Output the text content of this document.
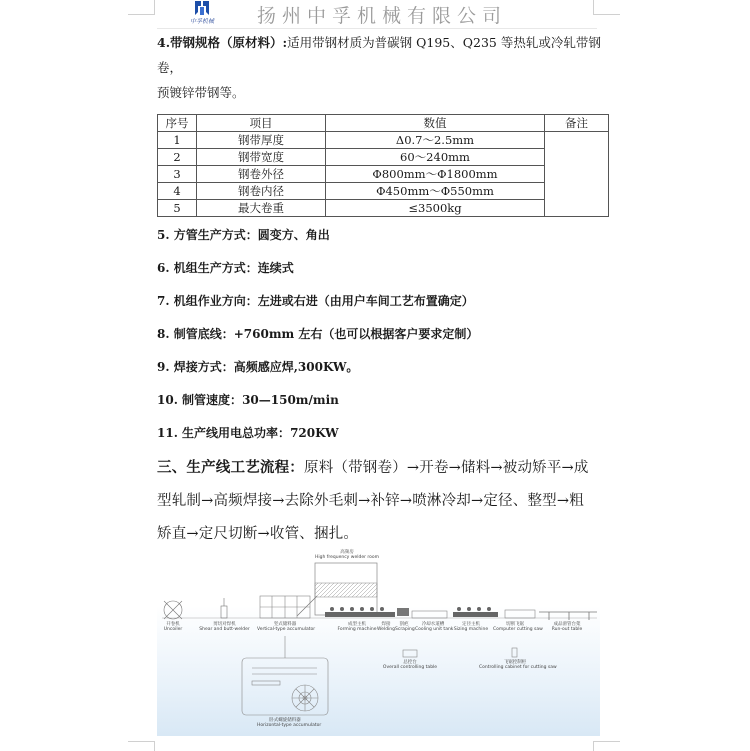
中孚机械 扬州中孚机械有限公司

4.带钢规格（原材料）:适用带钢材质为普碳钢 Q195、Q235 等热轧或冷轧带钢卷，
预镀锌带钢等。

序号	项目	数值	备注
1	钢带厚度	Δ0.7～2.5mm	
2	钢带宽度	60～240mm	
3	钢卷外径	Φ800mm～Φ1800mm	
4	钢卷内径	Φ450mm～Φ550mm	
5	最大卷重	≤3500kg	

5. 方管生产方式：圆变方、角出

6. 机组生产方式：连续式

7. 机组作业方向：左进或右进（由用户车间工艺布置确定）

8. 制管底线：+760mm 左右（也可以根据客户要求定制）

9. 焊接方式：高频感应焊,300KW。

10. 制管速度：30—150m/min

11. 生产线用电总功率：720KW

三、生产线工艺流程：原料（带钢卷）→开卷→储料→被动矫平→成

型轧制→高频焊接→去除外毛刺→补锌→喷淋冷却→定径、整型→粗

矫直→定尺切断→收管、捆扎。

高频房
High frequency welder room
开卷机
Uncoiler
剪切对焊机
Shear and butt-welder
竖式储料器
Vertical-type accumulator
成型主机
Forming machine
焊接
Welding
刮疤
Scraping
冷却水道槽
Cooling unit tank
定径主机
Sizing machine
切断飞锯
Computer cutting saw
成品滑管台架
Run-out table
总控台
Overall controlling table
飞锯控制柜
Controlling cabinet for cutting saw
卧式螺旋储料器
Horizontal-type accumulator
